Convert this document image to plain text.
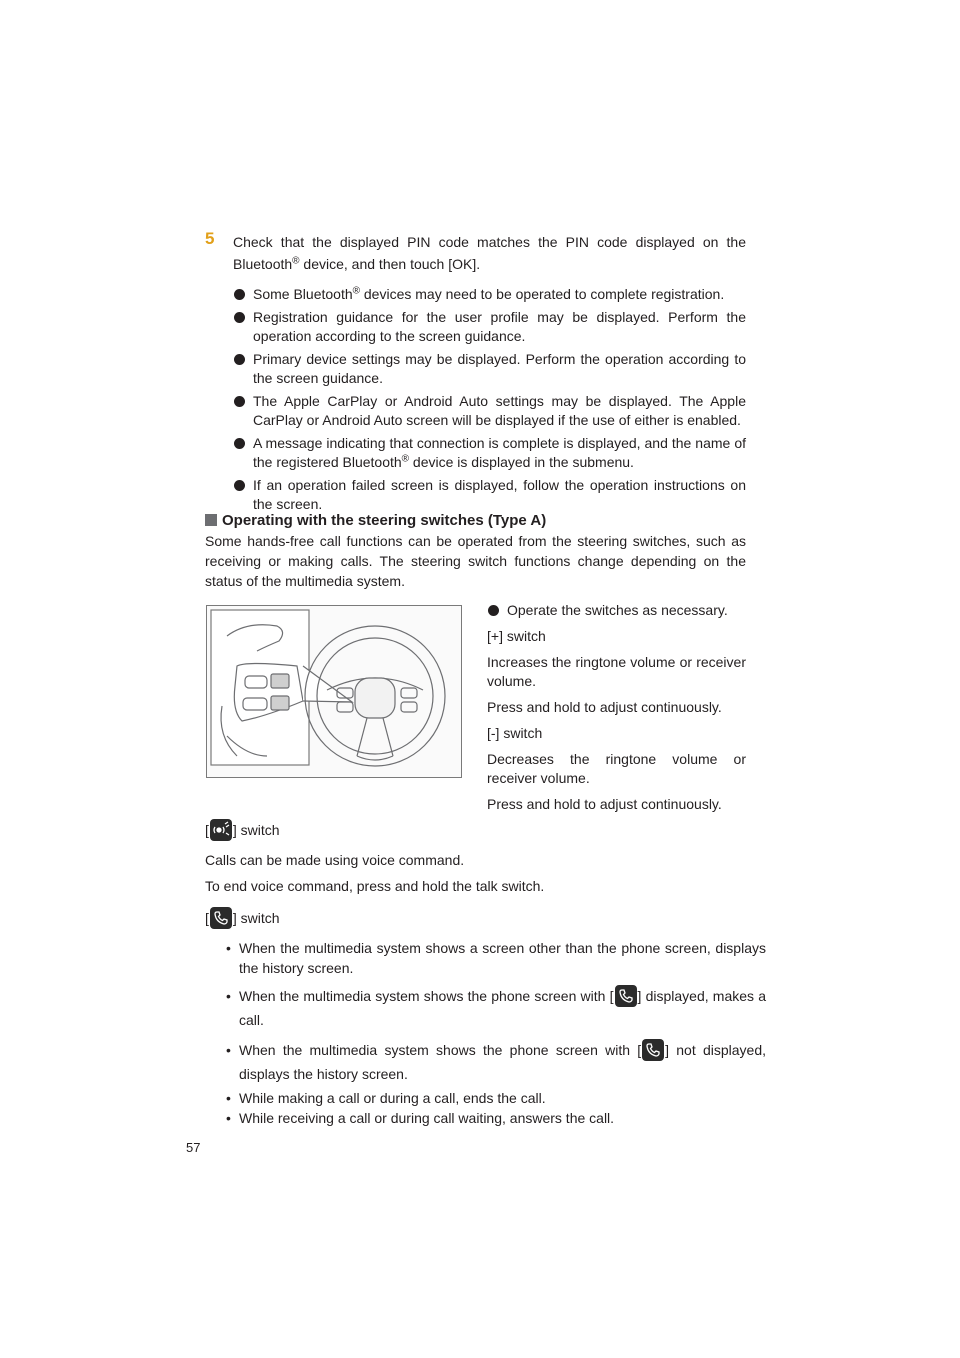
5 Check that the displayed PIN code matches the PIN code displayed on the Bluetooth® device, and then touch [OK].
Some Bluetooth® devices may need to be operated to complete registration.
Registration guidance for the user profile may be displayed. Perform the operation according to the screen guidance.
Primary device settings may be displayed. Perform the operation according to the screen guidance.
The Apple CarPlay or Android Auto settings may be displayed. The Apple CarPlay or Android Auto screen will be displayed if the use of either is enabled.
A message indicating that connection is complete is displayed, and the name of the registered Bluetooth® device is displayed in the submenu.
If an operation failed screen is displayed, follow the operation instructions on the screen.
Operating with the steering switches (Type A)
Some hands-free call functions can be operated from the steering switches, such as receiving or making calls. The steering switch functions change depending on the status of the multimedia system.
Operate the switches as necessary.
[+] switch
Increases the ringtone volume or receiver volume.
Press and hold to adjust continuously.
[-] switch
Decreases the ringtone volume or receiver volume.
Press and hold to adjust continuously.
[ ] switch
Calls can be made using voice command.
To end voice command, press and hold the talk switch.
[ ] switch
• When the multimedia system shows a screen other than the phone screen, displays the history screen.
• When the multimedia system shows the phone screen with [ ] displayed, makes a call.
• When the multimedia system shows the phone screen with [ ] not displayed, displays the history screen.
• While making a call or during a call, ends the call.
• While receiving a call or during call waiting, answers the call.
57
